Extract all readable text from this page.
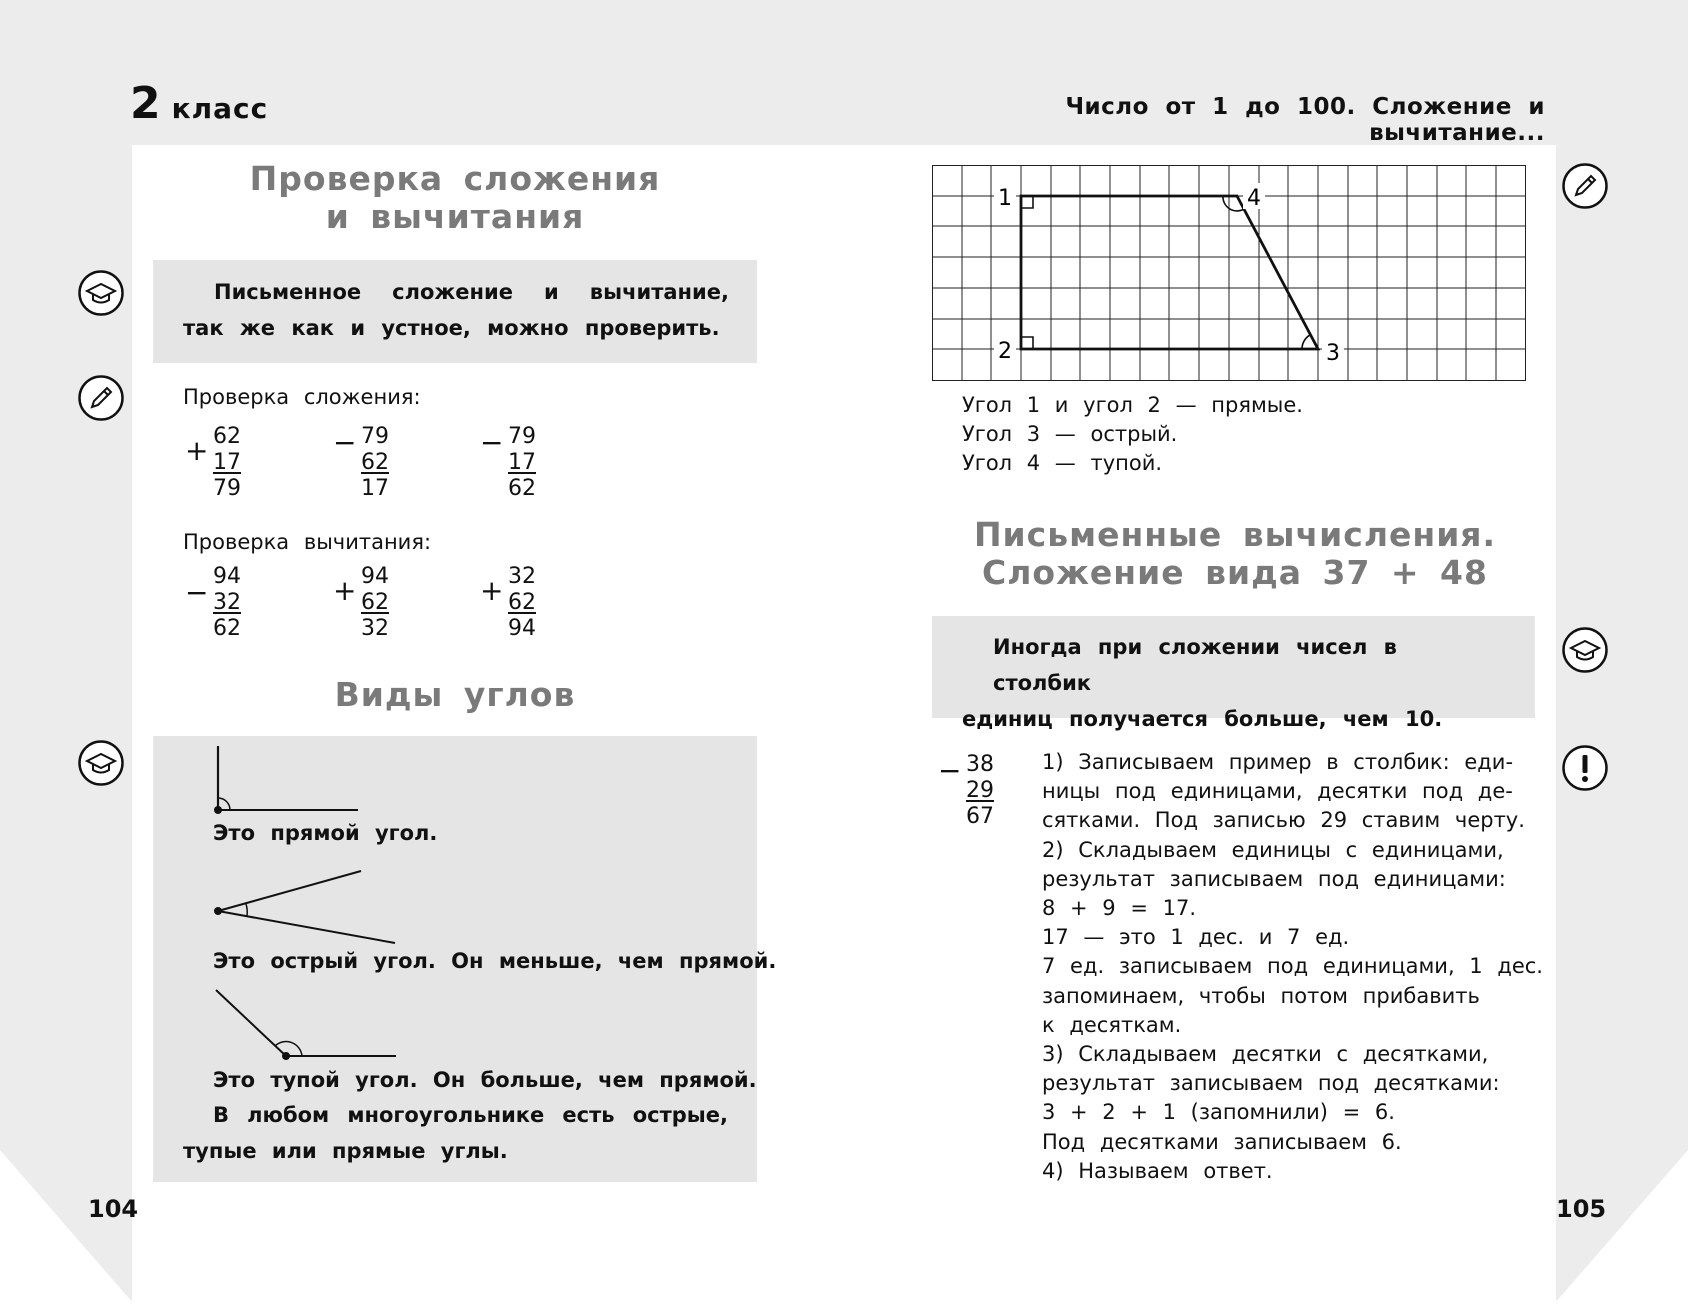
2 класс	Число от 1 до 100. Сложение и вычитание...
Проверка сложения
и вычитания
Письменное сложение и вычитание, так же как и устное, можно проверить.
Проверка сложения:
+ 62
17
79
− 79
62
17
− 79
17
62
Проверка вычитания:
− 94
32
62
+ 94
62
32
+ 32
62
94
Виды углов
Это прямой угол.
Это острый угол. Он меньше, чем прямой.
Это тупой угол. Он больше, чем прямой.
В любом многоугольнике есть острые,
тупые или прямые углы.
104
1
2	3
4
Угол 1 и угол 2 — прямые.
Угол 3 — острый.
Угол 4 — тупой.
Письменные вычисления.
Сложение вида 37 + 48
Иногда при сложении чисел в столбик
единиц получается больше, чем 10.
− 38
29
67
1) Записываем пример в столбик: еди-
ницы под единицами, десятки под де-
сятками. Под записью 29 ставим черту.
2) Складываем единицы с единицами,
результат записываем под единицами:
8 + 9 = 17.
17 — это 1 дес. и 7 ед.
7 ед. записываем под единицами, 1 дес.
запоминаем, чтобы потом прибавить
к десяткам.
3) Складываем десятки с десятками,
результат записываем под десятками:
3 + 2 + 1 (запомнили) = 6.
Под десятками записываем 6.
4) Называем ответ.
105
